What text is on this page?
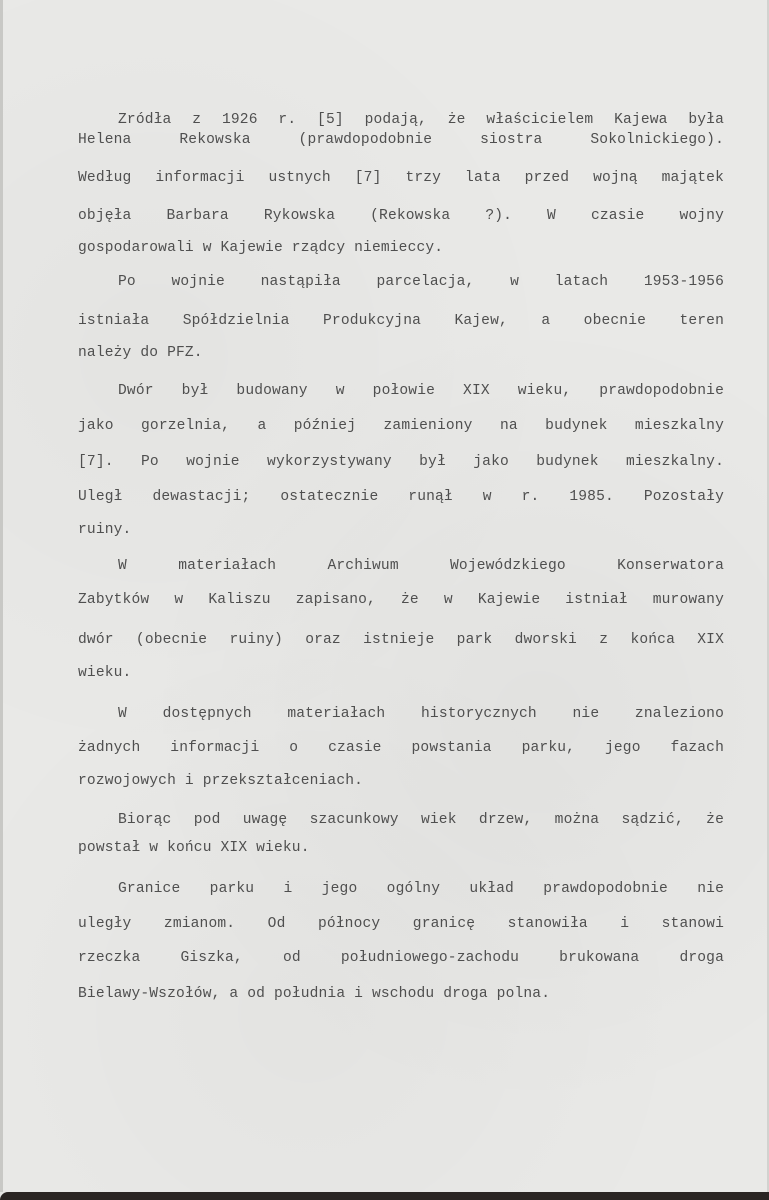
Zródła z 1926 r. [5] podają, że właścicielem Kajewa była
Helena Rekowska (prawdopodobnie siostra Sokolnickiego).
Według informacji ustnych [7] trzy lata przed wojną majątek
objęła Barbara Rykowska (Rekowska ?). W czasie wojny
gospodarowali w Kajewie rządcy niemieccy.
Po wojnie nastąpiła parcelacja, w latach 1953-1956
istniała Spółdzielnia Produkcyjna Kajew, a obecnie teren
należy do PFZ.
Dwór był budowany w połowie XIX wieku, prawdopodobnie
jako gorzelnia, a później zamieniony na budynek mieszkalny
[7]. Po wojnie wykorzystywany był jako budynek mieszkalny.
Uległ dewastacji; ostatecznie runął w r. 1985. Pozostały
ruiny.
W materiałach Archiwum Wojewódzkiego Konserwatora
Zabytków w Kaliszu zapisano, że w Kajewie istniał murowany
dwór (obecnie ruiny) oraz istnieje park dworski z końca XIX
wieku.
W dostępnych materiałach historycznych nie znaleziono
żadnych informacji o czasie powstania parku, jego fazach
rozwojowych i przekształceniach.
Biorąc pod uwagę szacunkowy wiek drzew, można sądzić, że
powstał w końcu XIX wieku.
Granice parku i jego ogólny układ prawdopodobnie nie
uległy zmianom. Od północy granicę stanowiła i stanowi
rzeczka Giszka, od południowego-zachodu brukowana droga
Bielawy-Wszołów, a od południa i wschodu droga polna.
